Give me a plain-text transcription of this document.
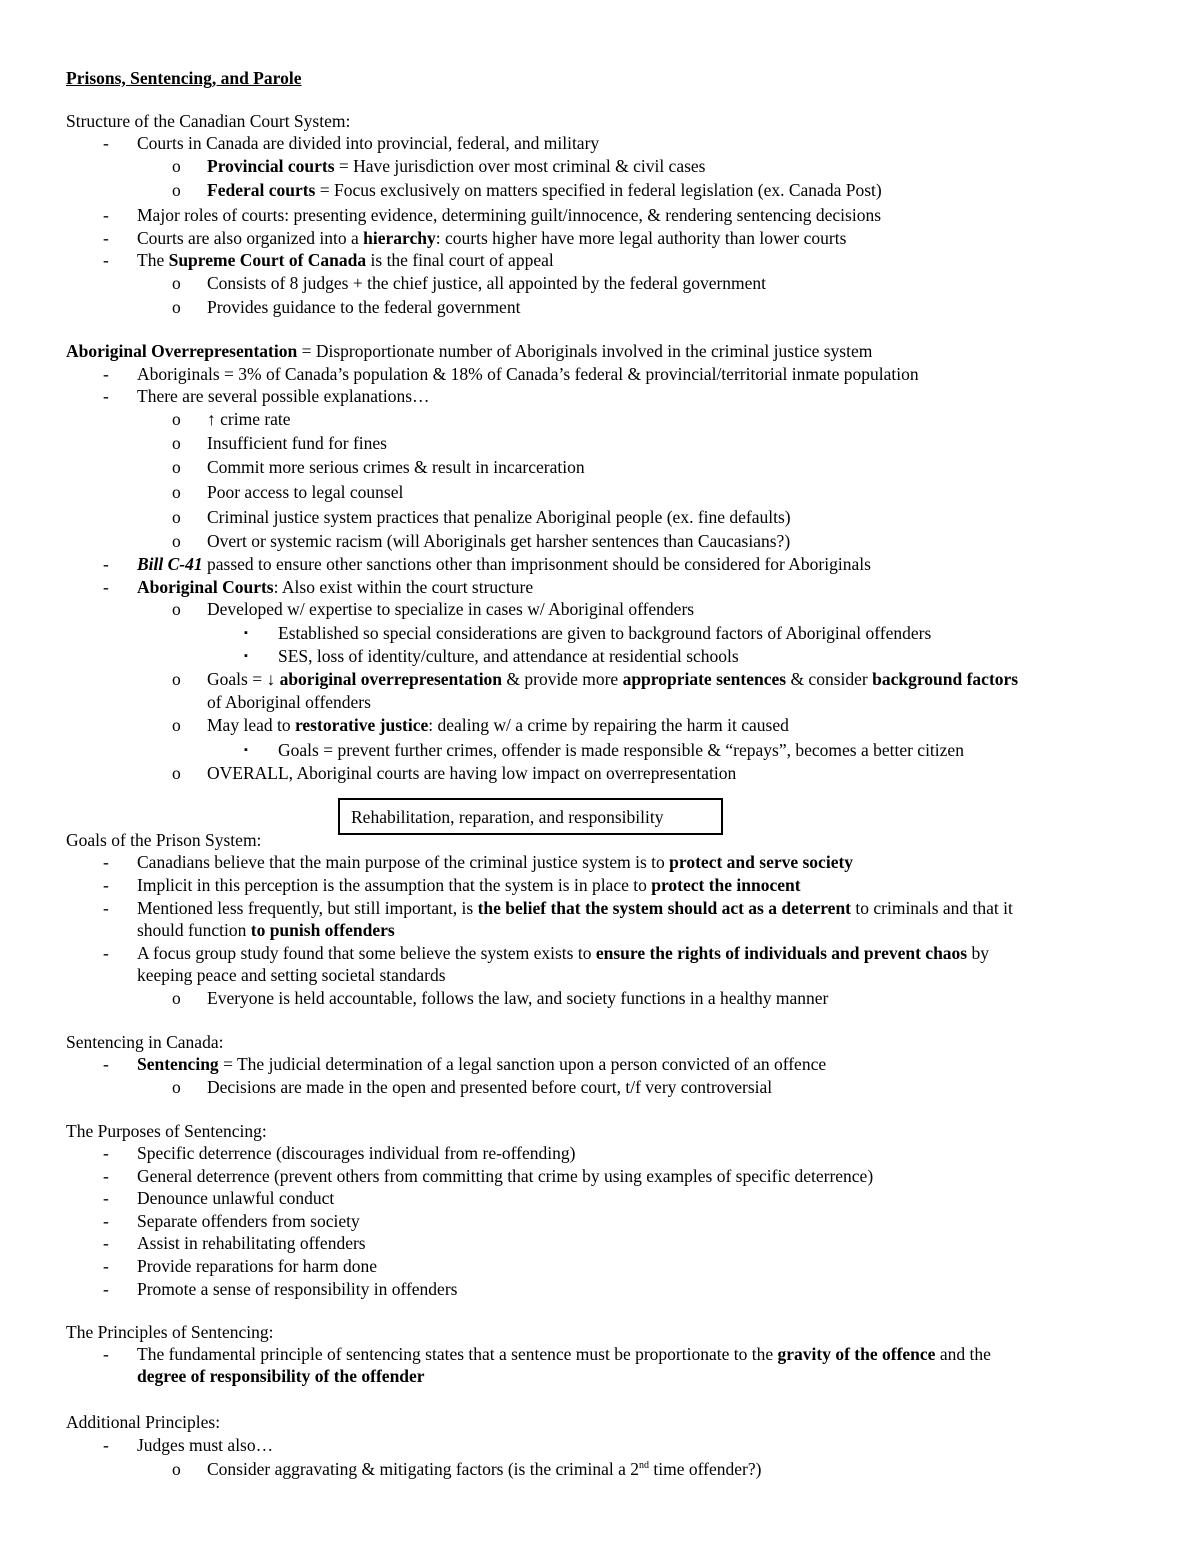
Prisons, Sentencing, and Parole
Structure of the Canadian Court System:
- Courts in Canada are divided into provincial, federal, and military
o Provincial courts = Have jurisdiction over most criminal & civil cases
o Federal courts = Focus exclusively on matters specified in federal legislation (ex. Canada Post)
- Major roles of courts: presenting evidence, determining guilt/innocence, & rendering sentencing decisions
- Courts are also organized into a hierarchy: courts higher have more legal authority than lower courts
- The Supreme Court of Canada is the final court of appeal
o Consists of 8 judges + the chief justice, all appointed by the federal government
o Provides guidance to the federal government
Aboriginal Overrepresentation = Disproportionate number of Aboriginals involved in the criminal justice system
- Aboriginals = 3% of Canada’s population & 18% of Canada’s federal & provincial/territorial inmate population
- There are several possible explanations…
o ↑ crime rate
o Insufficient fund for fines
o Commit more serious crimes & result in incarceration
o Poor access to legal counsel
o Criminal justice system practices that penalize Aboriginal people (ex. fine defaults)
o Overt or systemic racism (will Aboriginals get harsher sentences than Caucasians?)
- Bill C-41 passed to ensure other sanctions other than imprisonment should be considered for Aboriginals
- Aboriginal Courts: Also exist within the court structure
o Developed w/ expertise to specialize in cases w/ Aboriginal offenders
▪ Established so special considerations are given to background factors of Aboriginal offenders
▪ SES, loss of identity/culture, and attendance at residential schools
o Goals = ↓ aboriginal overrepresentation & provide more appropriate sentences & consider background factors
of Aboriginal offenders
o May lead to restorative justice: dealing w/ a crime by repairing the harm it caused
▪ Goals = prevent further crimes, offender is made responsible & “repays”, becomes a better citizen
o OVERALL, Aboriginal courts are having low impact on overrepresentation
Rehabilitation, reparation, and responsibility
Goals of the Prison System:
- Canadians believe that the main purpose of the criminal justice system is to protect and serve society
- Implicit in this perception is the assumption that the system is in place to protect the innocent
- Mentioned less frequently, but still important, is the belief that the system should act as a deterrent to criminals and that it
should function to punish offenders
- A focus group study found that some believe the system exists to ensure the rights of individuals and prevent chaos by
keeping peace and setting societal standards
o Everyone is held accountable, follows the law, and society functions in a healthy manner
Sentencing in Canada:
- Sentencing = The judicial determination of a legal sanction upon a person convicted of an offence
o Decisions are made in the open and presented before court, t/f very controversial
The Purposes of Sentencing:
- Specific deterrence (discourages individual from re-offending)
- General deterrence (prevent others from committing that crime by using examples of specific deterrence)
- Denounce unlawful conduct
- Separate offenders from society
- Assist in rehabilitating offenders
- Provide reparations for harm done
- Promote a sense of responsibility in offenders
The Principles of Sentencing:
- The fundamental principle of sentencing states that a sentence must be proportionate to the gravity of the offence and the
degree of responsibility of the offender
Additional Principles:
- Judges must also…
o Consider aggravating & mitigating factors (is the criminal a 2nd time offender?)
